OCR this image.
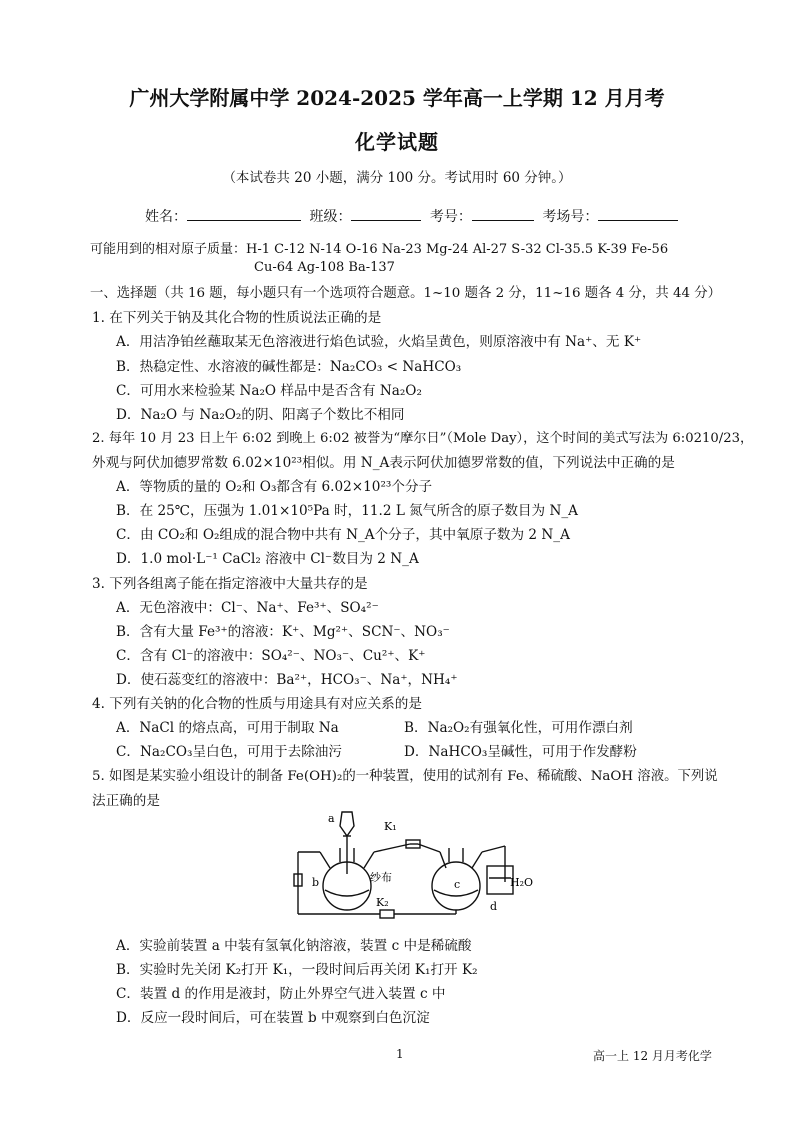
广州大学附属中学 2024-2025 学年高一上学期 12 月月考
化学试题
（本试卷共 20 小题，满分 100 分。考试用时 60 分钟。）
姓名：	班级：	考号：	考场号：
可能用到的相对原子质量：H-1 C-12 N-14 O-16 Na-23 Mg-24 Al-27 S-32 Cl-35.5 K-39 Fe-56
Cu-64 Ag-108 Ba-137
一、选择题（共 16 题，每小题只有一个选项符合题意。1~10 题各 2 分，11~16 题各 4 分，共 44 分）
1. 在下列关于钠及其化合物的性质说法正确的是
A．用洁净铂丝蘸取某无色溶液进行焰色试验，火焰呈黄色，则原溶液中有 Na⁺、无 K⁺
B．热稳定性、水溶液的碱性都是：Na₂CO₃ < NaHCO₃
C．可用水来检验某 Na₂O 样品中是否含有 Na₂O₂
D．Na₂O 与 Na₂O₂的阴、阳离子个数比不相同
2. 每年 10 月 23 日上午 6:02 到晚上 6:02 被誉为“摩尔日”（Mole Day），这个时间的美式写法为 6:0210/23，
外观与阿伏加德罗常数 6.02×10²³相似。用 N_A表示阿伏加德罗常数的值，下列说法中正确的是
A．等物质的量的 O₂和 O₃都含有 6.02×10²³个分子
B．在 25℃，压强为 1.01×10⁵Pa 时，11.2 L 氮气所含的原子数目为 N_A
C．由 CO₂和 O₂组成的混合物中共有 N_A个分子，其中氧原子数为 2 N_A
D．1.0 mol·L⁻¹ CaCl₂ 溶液中 Cl⁻数目为 2 N_A
3. 下列各组离子能在指定溶液中大量共存的是
A．无色溶液中：Cl⁻、Na⁺、Fe³⁺、SO₄²⁻
B．含有大量 Fe³⁺的溶液：K⁺、Mg²⁺、SCN⁻、NO₃⁻
C．含有 Cl⁻的溶液中：SO₄²⁻、NO₃⁻、Cu²⁺、K⁺
D．使石蕊变红的溶液中：Ba²⁺，HCO₃⁻、Na⁺，NH₄⁺
4. 下列有关钠的化合物的性质与用途具有对应关系的是
A．NaCl 的熔点高，可用于制取 Na	B．Na₂O₂有强氧化性，可用作漂白剂
C．Na₂CO₃呈白色，可用于去除油污	D．NaHCO₃呈碱性，可用于作发酵粉
5. 如图是某实验小组设计的制备 Fe(OH)₂的一种装置，使用的试剂有 Fe、稀硫酸、NaOH 溶液。下列说
法正确的是
a
b	c
d
K₁
K₂
纱布	H₂O
A．实验前装置 a 中装有氢氧化钠溶液，装置 c 中是稀硫酸
B．实验时先关闭 K₂打开 K₁，一段时间后再关闭 K₁打开 K₂
C．装置 d 的作用是液封，防止外界空气进入装置 c 中
D．反应一段时间后，可在装置 b 中观察到白色沉淀
1	高一上 12 月月考化学
